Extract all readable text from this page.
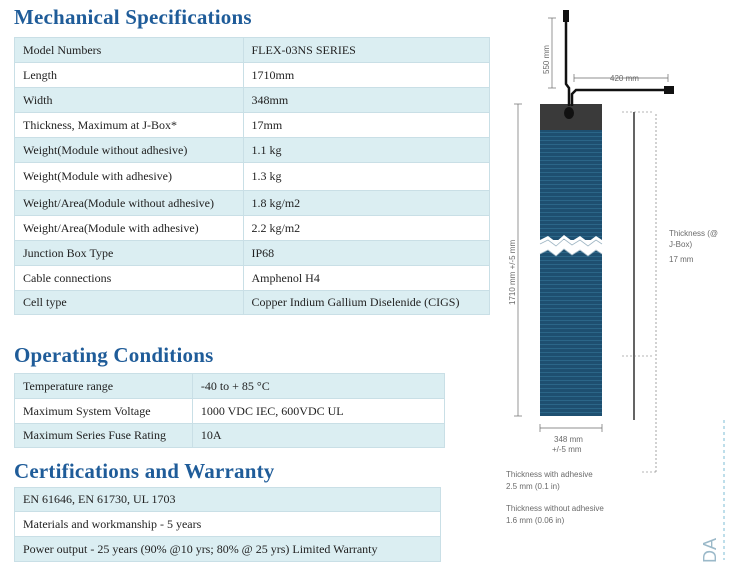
Mechanical Specifications
Model Numbers	FLEX-03NS SERIES
Length	1710mm
Width	348mm
Thickness, Maximum at J-Box*	17mm
Weight(Module without adhesive)	1.1 kg
Weight(Module with adhesive)	1.3 kg
Weight/Area(Module without adhesive)	1.8 kg/m2
Weight/Area(Module with adhesive)	2.2 kg/m2
Junction Box Type	IP68
Cable connections	Amphenol H4
Cell type	Copper Indium Gallium Diselenide (CIGS)
Operating Conditions
Temperature range	-40 to + 85 °C
Maximum System Voltage	1000 VDC IEC, 600VDC UL
Maximum Series Fuse Rating	10A
Certifications and Warranty
EN 61646, EN 61730, UL 1703
Materials and workmanship - 5 years
Power output - 25 years (90% @10 yrs; 80% @ 25 yrs) Limited Warranty
550 mm
420 mm
1710 mm +/-5 mm
348 mm
+/-5 mm
Thickness (@
J-Box)
17 mm
Thickness with adhesive
2.5 mm (0.1 in)
Thickness without adhesive
1.6 mm (0.06 in)
DA
